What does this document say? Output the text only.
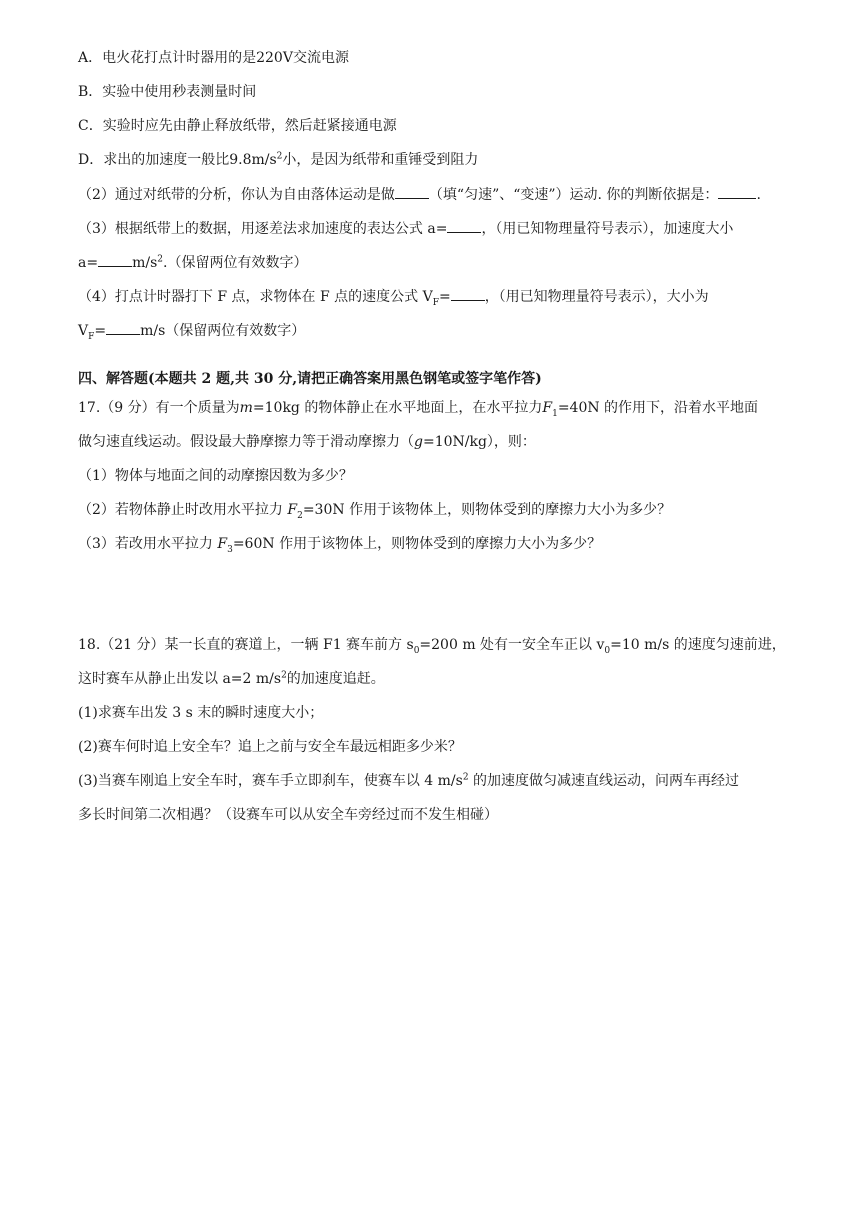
A．电火花打点计时器用的是220V交流电源
B．实验中使用秒表测量时间
C．实验时应先由静止释放纸带，然后赶紧接通电源
D．求出的加速度一般比$9.8m/s^2$小，是因为纸带和重锤受到阻力
（2）通过对纸带的分析，你认为自由落体运动是做 （填“匀速”、“变速”）运动. 你的判断依据是：	.
（3）根据纸带上的数据，用逐差法求加速度的表达公式 a= ，（用已知物理量符号表示），加速度大小
$a= m/s^2$.（保留两位有效数字）
（4）打点计时器打下 F 点，求物体在 F 点的速度公式 $V_F=$ ，（用已知物理量符号表示），大小为
$V_F= m/s$（保留两位有效数字）
四、解答题(本题共 2 题,共 30 分,请把正确答案用黑色钢笔或签字笔作答)
17.（9 分）有一个质量为m=10kg 的物体静止在水平地面上，在水平拉力$F_1=40N$ 的作用下，沿着水平地面
做匀速直线运动。假设最大静摩擦力等于滑动摩擦力（g=10N/kg），则：
（1）物体与地面之间的动摩擦因数为多少？
（2）若物体静止时改用水平拉力 $F_2=30N$ 作用于该物体上，则物体受到的摩擦力大小为多少？
（3）若改用水平拉力 $F_3=60N$ 作用于该物体上，则物体受到的摩擦力大小为多少？
18.（21 分）某一长直的赛道上，一辆 F1 赛车前方 $s_0=200$ m 处有一安全车正以 $v_0=10$ m/s 的速度匀速前进，
这时赛车从静止出发以 a=2 $m/s^2$的加速度追赶。
(1)求赛车出发 3 s 末的瞬时速度大小；
(2)赛车何时追上安全车？追上之前与安全车最远相距多少米？
(3)当赛车刚追上安全车时，赛车手立即刹车，使赛车以 4 $m/s^2$ 的加速度做匀减速直线运动，问两车再经过
多长时间第二次相遇？（设赛车可以从安全车旁经过而不发生相碰）
